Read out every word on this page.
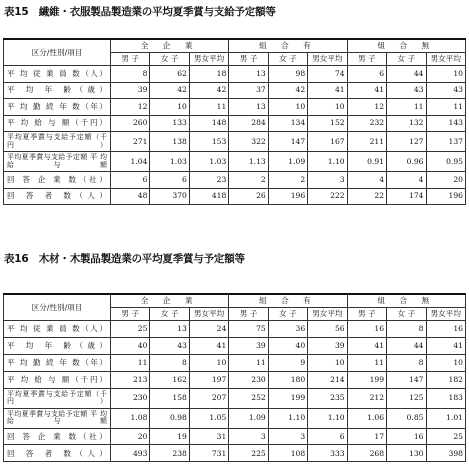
表15　繊維・衣服製品製造業の平均夏季賞与支給予定額等
区分/性別/項目	全 企 業			組 合 有			組 合 無		
	男 子	女 子	男女平均	男 子	女 子	男女平均	男 子	女 子	男女平均
平 均 従 業 員 数（人）	8	62	18	13	98	74	6	44	10
平 均 年 齢（歳）	39	42	42	37	42	41	41	43	43
平 均 勤 続 年 数（年）	12	10	11	13	10	10	12	11	11
平 均 給 与 額（千円）	260	133	148	284	134	152	232	132	143
平均夏季賞与支給予定額（千円）	271	138	153	322	147	167	211	127	137
平均夏季賞与支給予定額 平 均 給 与 額	1.04	1.03	1.03	1.13	1.09	1.10	0.91	0.96	0.95
回 答 企 業 数（社）	6	6	23	2	2	3	4	4	20
回 答 者 数（人）	48	370	418	26	196	222	22	174	196
表16　木材・木製品製造業の平均夏季賞与予定額等
区分/性別/項目	全 企 業			組 合 有			組 合 無		
	男 子	女 子	男女平均	男 子	女 子	男女平均	男 子	女 子	男女平均
平 均 従 業 員 数（人）	25	13	24	75	36	56	16	8	16
平 均 年 齢（歳）	40	43	41	39	40	39	41	44	41
平 均 勤 続 年 数（年）	11	8	10	11	9	10	11	8	10
平 均 給 与 額（千円）	213	162	197	230	180	214	199	147	182
平均夏季賞与支給予定額（千円）	230	158	207	252	199	235	212	125	183
平均夏季賞与支給予定額 平 均 給 与 額	1.08	0.98	1.05	1.09	1.10	1.10	1.06	0.85	1.01
回 答 企 業 数（社）	20	19	31	3	3	6	17	16	25
回 答 者 数（人）	493	238	731	225	108	333	268	130	398
